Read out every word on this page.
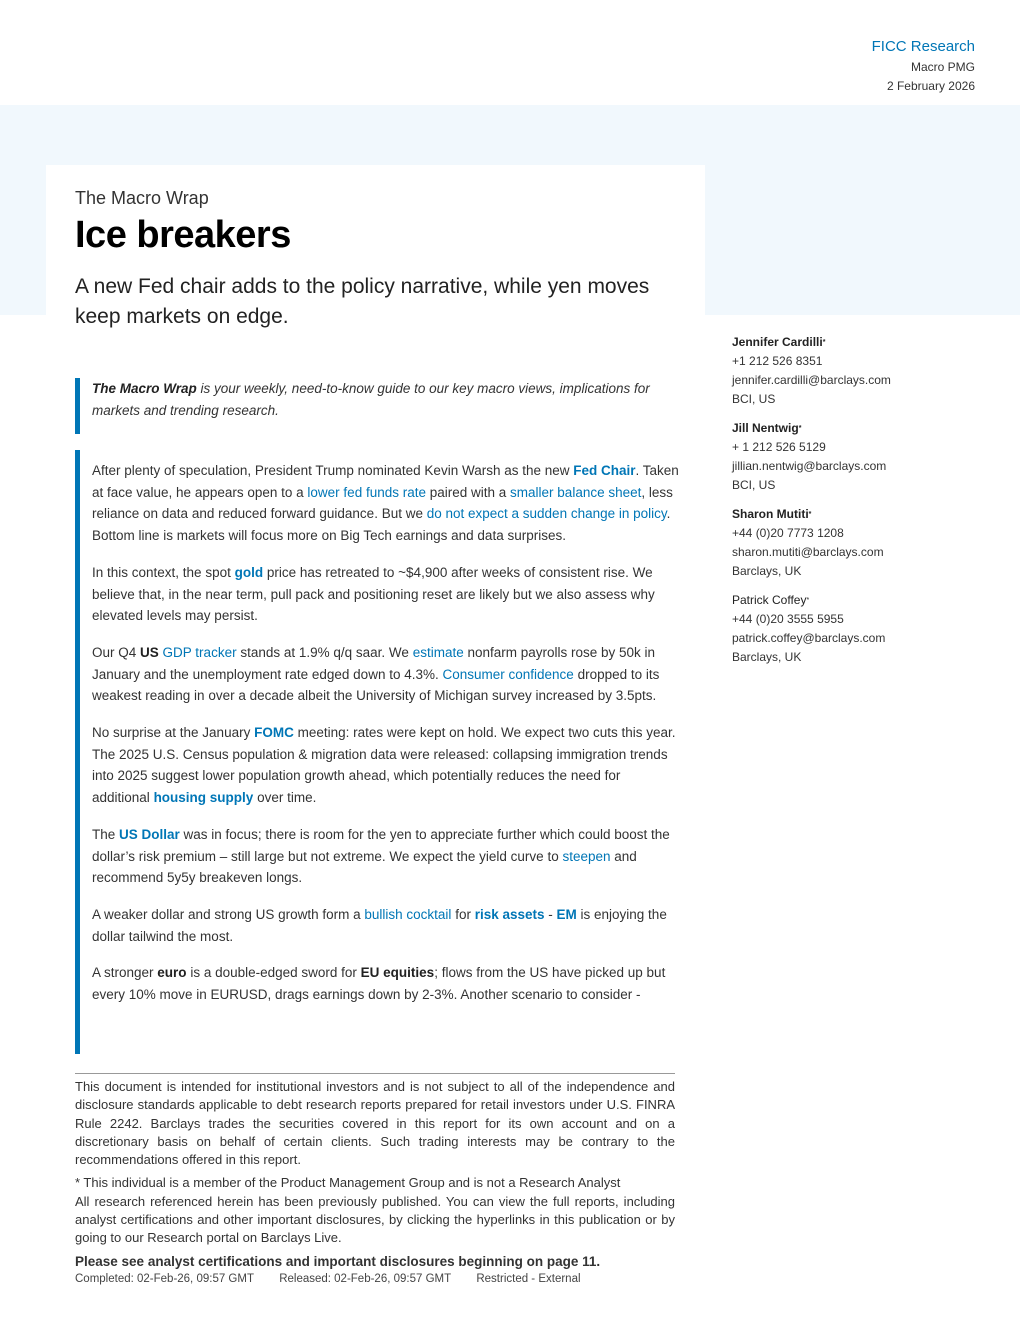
FICC Research
Macro PMG
2 February 2026
The Macro Wrap
Ice breakers
A new Fed chair adds to the policy narrative, while yen moves keep markets on edge.
Jennifer Cardilli*
+1 212 526 8351
jennifer.cardilli@barclays.com
BCI, US
Jill Nentwig*
+ 1 212 526 5129
jillian.nentwig@barclays.com
BCI, US
Sharon Mutiti*
+44 (0)20 7773 1208
sharon.mutiti@barclays.com
Barclays, UK
Patrick Coffey*
+44 (0)20 3555 5955
patrick.coffey@barclays.com
Barclays, UK
The Macro Wrap is your weekly, need-to-know guide to our key macro views, implications for markets and trending research.

After plenty of speculation, President Trump nominated Kevin Warsh as the new Fed Chair. Taken at face value, he appears open to a lower fed funds rate paired with a smaller balance sheet, less reliance on data and reduced forward guidance. But we do not expect a sudden change in policy. Bottom line is markets will focus more on Big Tech earnings and data surprises.

In this context, the spot gold price has retreated to ~$4,900 after weeks of consistent rise. We believe that, in the near term, pull pack and positioning reset are likely but we also assess why elevated levels may persist.

Our Q4 US GDP tracker stands at 1.9% q/q saar. We estimate nonfarm payrolls rose by 50k in January and the unemployment rate edged down to 4.3%. Consumer confidence dropped to its weakest reading in over a decade albeit the University of Michigan survey increased by 3.5pts.

No surprise at the January FOMC meeting: rates were kept on hold. We expect two cuts this year. The 2025 U.S. Census population & migration data were released: collapsing immigration trends into 2025 suggest lower population growth ahead, which potentially reduces the need for additional housing supply over time.

The US Dollar was in focus; there is room for the yen to appreciate further which could boost the dollar’s risk premium – still large but not extreme. We expect the yield curve to steepen and recommend 5y5y breakeven longs.

A weaker dollar and strong US growth form a bullish cocktail for risk assets - EM is enjoying the dollar tailwind the most.

A stronger euro is a double-edged sword for EU equities; flows from the US have picked up but every 10% move in EURUSD, drags earnings down by 2-3%. Another scenario to consider -

This document is intended for institutional investors and is not subject to all of the independence and disclosure standards applicable to debt research reports prepared for retail investors under U.S. FINRA Rule 2242. Barclays trades the securities covered in this report for its own account and on a discretionary basis on behalf of certain clients. Such trading interests may be contrary to the recommendations offered in this report.

* This individual is a member of the Product Management Group and is not a Research Analyst

All research referenced herein has been previously published. You can view the full reports, including analyst certifications and other important disclosures, by clicking the hyperlinks in this publication or by going to our Research portal on Barclays Live.

Please see analyst certifications and important disclosures beginning on page 11.

Completed: 02-Feb-26, 09:57 GMT Released: 02-Feb-26, 09:57 GMT Restricted - External
